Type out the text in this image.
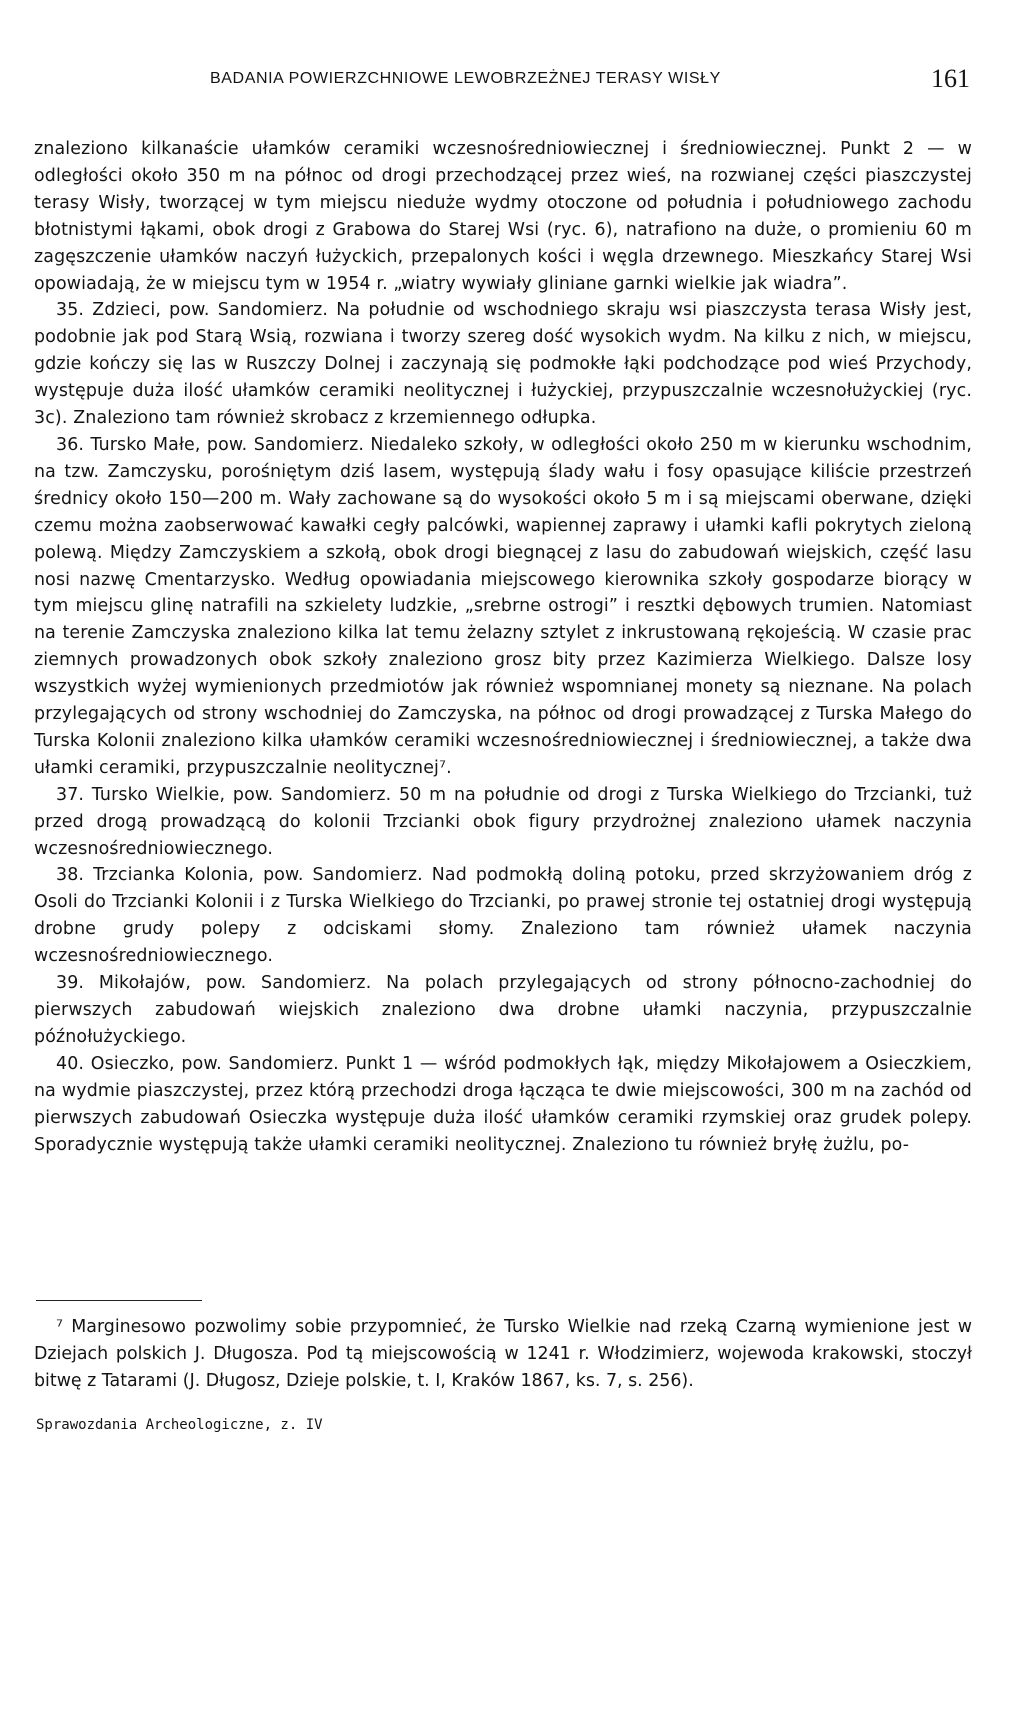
BADANIA POWIERZCHNIOWE LEWOBRZEŻNEJ TERASY WISŁY	161

znaleziono kilkanaście ułamków ceramiki wczesnośredniowiecznej i średniowiecznej. Punkt 2 — w odległości około 350 m na północ od drogi przechodzącej przez wieś, na rozwianej części piaszczystej terasy Wisły, tworzącej w tym miejscu nieduże wydmy otoczone od południa i południowego zachodu błotnistymi łąkami, obok drogi z Grabowa do Starej Wsi (ryc. 6), natrafiono na duże, o promieniu 60 m zagęszczenie ułamków naczyń łużyckich, przepalonych kości i węgla drzewnego. Mieszkańcy Starej Wsi opowiadają, że w miejscu tym w 1954 r. „wiatry wywiały gliniane garnki wielkie jak wiadra”.

35. Zdzieci, pow. Sandomierz. Na południe od wschodniego skraju wsi piaszczysta terasa Wisły jest, podobnie jak pod Starą Wsią, rozwiana i tworzy szereg dość wysokich wydm. Na kilku z nich, w miejscu, gdzie kończy się las w Ruszczy Dolnej i zaczynają się podmokłe łąki podchodzące pod wieś Przychody, występuje duża ilość ułamków ceramiki neolitycznej i łużyckiej, przypuszczalnie wczesnołużyckiej (ryc. 3c). Znaleziono tam również skrobacz z krzemiennego odłupka.

36. Tursko Małe, pow. Sandomierz. Niedaleko szkoły, w odległości około 250 m w kierunku wschodnim, na tzw. Zamczysku, porośniętym dziś lasem, występują ślady wału i fosy opasujące kiliście przestrzeń średnicy około 150—200 m. Wały zachowane są do wysokości około 5 m i są miejscami oberwane, dzięki czemu można zaobserwować kawałki cegły palcówki, wapiennej zaprawy i ułamki kafli pokrytych zieloną polewą. Między Zamczyskiem a szkołą, obok drogi biegnącej z lasu do zabudowań wiejskich, część lasu nosi nazwę Cmentarzysko. Według opowiadania miejscowego kierownika szkoły gospodarze biorący w tym miejscu glinę natrafili na szkielety ludzkie, „srebrne ostrogi” i resztki dębowych trumien. Natomiast na terenie Zamczyska znaleziono kilka lat temu żelazny sztylet z inkrustowaną rękojeścią. W czasie prac ziemnych prowadzonych obok szkoły znaleziono grosz bity przez Kazimierza Wielkiego. Dalsze losy wszystkich wyżej wymienionych przedmiotów jak również wspomnianej monety są nieznane. Na polach przylegających od strony wschodniej do Zamczyska, na północ od drogi prowadzącej z Turska Małego do Turska Kolonii znaleziono kilka ułamków ceramiki wczesnośredniowiecznej i średniowiecznej, a także dwa ułamki ceramiki, przypuszczalnie neolitycznej⁷.

37. Tursko Wielkie, pow. Sandomierz. 50 m na południe od drogi z Turska Wielkiego do Trzcianki, tuż przed drogą prowadzącą do kolonii Trzcianki obok figury przydrożnej znaleziono ułamek naczynia wczesnośredniowiecznego.

38. Trzcianka Kolonia, pow. Sandomierz. Nad podmokłą doliną potoku, przed skrzyżowaniem dróg z Osoli do Trzcianki Kolonii i z Turska Wielkiego do Trzcianki, po prawej stronie tej ostatniej drogi występują drobne grudy polepy z odciskami słomy. Znaleziono tam również ułamek naczynia wczesnośredniowiecznego.

39. Mikołajów, pow. Sandomierz. Na polach przylegających od strony północno-zachodniej do pierwszych zabudowań wiejskich znaleziono dwa drobne ułamki naczynia, przypuszczalnie późnołużyckiego.

40. Osieczko, pow. Sandomierz. Punkt 1 — wśród podmokłych łąk, między Mikołajowem a Osieczkiem, na wydmie piaszczystej, przez którą przechodzi droga łącząca te dwie miejscowości, 300 m na zachód od pierwszych zabudowań Osieczka występuje duża ilość ułamków ceramiki rzymskiej oraz grudek polepy. Sporadycznie występują także ułamki ceramiki neolitycznej. Znaleziono tu również bryłę żużlu, po-

⁷ Marginesowo pozwolimy sobie przypomnieć, że Tursko Wielkie nad rzeką Czarną wymienione jest w Dziejach polskich J. Długosza. Pod tą miejscowością w 1241 r. Włodzimierz, wojewoda krakowski, stoczył bitwę z Tatarami (J. Długosz, Dzieje polskie, t. I, Kraków 1867, ks. 7, s. 256).

Sprawozdania Archeologiczne, z. IV
